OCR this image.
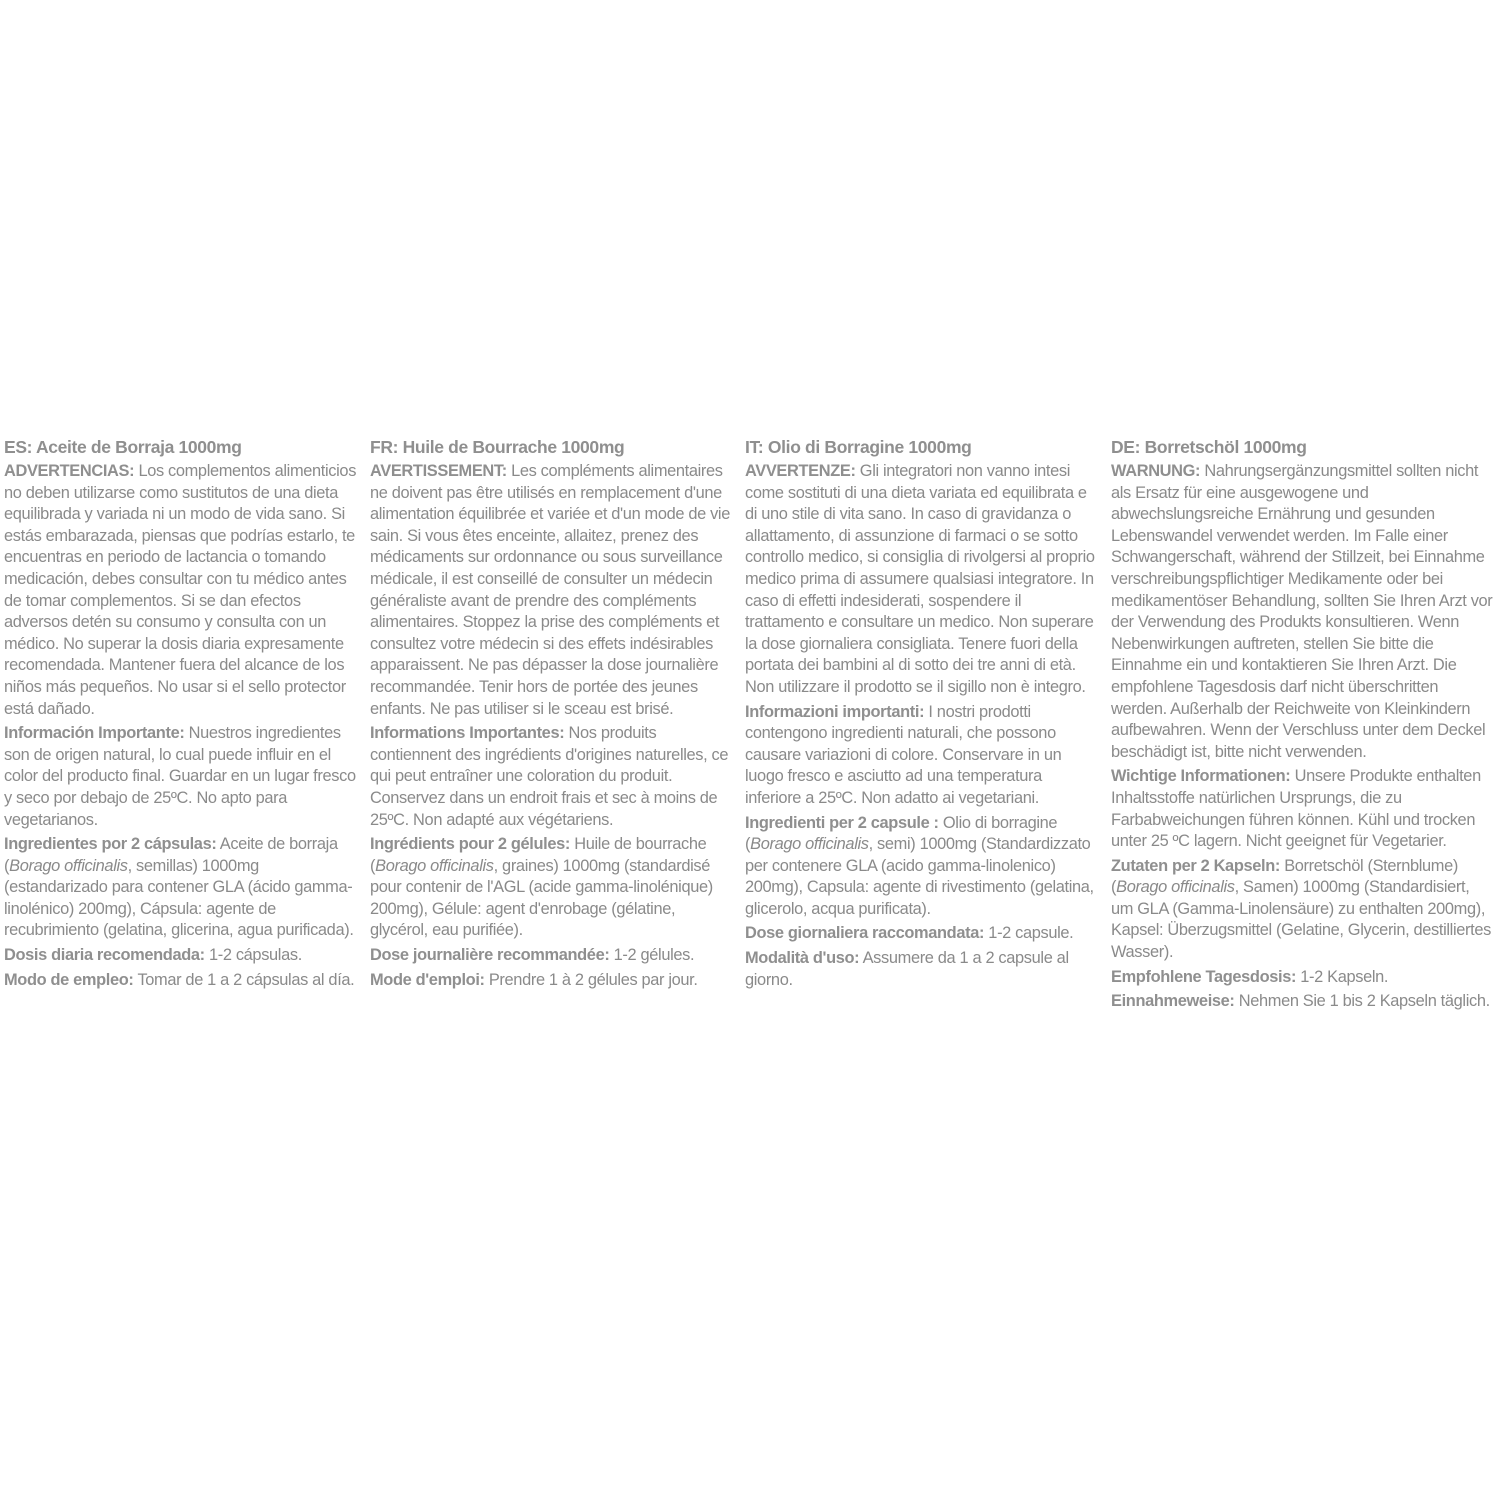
ES: Aceite de Borraja 1000mg
ADVERTENCIAS: Los complementos alimenticios no deben utilizarse como sustitutos de una dieta equilibrada y variada ni un modo de vida sano. Si estás embarazada, piensas que podrías estarlo, te encuentras en periodo de lactancia o tomando medicación, debes consultar con tu médico antes de tomar complementos. Si se dan efectos adversos detén su consumo y consulta con un médico. No superar la dosis diaria expresamente recomendada. Mantener fuera del alcance de los niños más pequeños. No usar si el sello protector está dañado.
Información Importante: Nuestros ingredientes son de origen natural, lo cual puede influir en el color del producto final. Guardar en un lugar fresco y seco por debajo de 25ºC. No apto para vegetarianos.
Ingredientes por 2 cápsulas: Aceite de borraja (Borago officinalis, semillas) 1000mg (estandarizado para contener GLA (ácido gamma-linolénico) 200mg), Cápsula: agente de recubrimiento (gelatina, glicerina, agua purificada).
Dosis diaria recomendada: 1-2 cápsulas.
Modo de empleo: Tomar de 1 a 2 cápsulas al día.
FR: Huile de Bourrache 1000mg
AVERTISSEMENT: Les compléments alimentaires ne doivent pas être utilisés en remplacement d'une alimentation équilibrée et variée et d'un mode de vie sain. Si vous êtes enceinte, allaitez, prenez des médicaments sur ordonnance ou sous surveillance médicale, il est conseillé de consulter un médecin généraliste avant de prendre des compléments alimentaires. Stoppez la prise des compléments et consultez votre médecin si des effets indésirables apparaissent. Ne pas dépasser la dose journalière recommandée. Tenir hors de portée des jeunes enfants. Ne pas utiliser si le sceau est brisé.
Informations Importantes: Nos produits contiennent des ingrédients d'origines naturelles, ce qui peut entraîner une coloration du produit. Conservez dans un endroit frais et sec à moins de 25ºC. Non adapté aux végétariens.
Ingrédients pour 2 gélules: Huile de bourrache (Borago officinalis, graines) 1000mg (standardisé pour contenir de l'AGL (acide gamma-linolénique) 200mg), Gélule: agent d'enrobage (gélatine, glycérol, eau purifiée).
Dose journalière recommandée: 1-2 gélules.
Mode d'emploi: Prendre 1 à 2 gélules par jour.
IT: Olio di Borragine 1000mg
AVVERTENZE: Gli integratori non vanno intesi come sostituti di una dieta variata ed equilibrata e di uno stile di vita sano. In caso di gravidanza o allattamento, di assunzione di farmaci o se sotto controllo medico, si consiglia di rivolgersi al proprio medico prima di assumere qualsiasi integratore. In caso di effetti indesiderati, sospendere il trattamento e consultare un medico. Non superare la dose giornaliera consigliata. Tenere fuori della portata dei bambini al di sotto dei tre anni di età. Non utilizzare il prodotto se il sigillo non è integro.
Informazioni importanti: I nostri prodotti contengono ingredienti naturali, che possono causare variazioni di colore. Conservare in un luogo fresco e asciutto ad una temperatura inferiore a 25ºC. Non adatto ai vegetariani.
Ingredienti per 2 capsule : Olio di borragine (Borago officinalis, semi) 1000mg (Standardizzato per contenere GLA (acido gamma-linolenico) 200mg), Capsula: agente di rivestimento (gelatina, glicerolo, acqua purificata).
Dose giornaliera raccomandata: 1-2 capsule.
Modalità d'uso: Assumere da 1 a 2 capsule al giorno.
DE: Borretschöl 1000mg
WARNUNG: Nahrungsergänzungsmittel sollten nicht als Ersatz für eine ausgewogene und abwechslungsreiche Ernährung und gesunden Lebenswandel verwendet werden. Im Falle einer Schwangerschaft, während der Stillzeit, bei Einnahme verschreibungspflichtiger Medikamente oder bei medikamentöser Behandlung, sollten Sie Ihren Arzt vor der Verwendung des Produkts konsultieren. Wenn Nebenwirkungen auftreten, stellen Sie bitte die Einnahme ein und kontaktieren Sie Ihren Arzt. Die empfohlene Tagesdosis darf nicht überschritten werden. Außerhalb der Reichweite von Kleinkindern aufbewahren. Wenn der Verschluss unter dem Deckel beschädigt ist, bitte nicht verwenden.
Wichtige Informationen: Unsere Produkte enthalten Inhaltsstoffe natürlichen Ursprungs, die zu Farbabweichungen führen können. Kühl und trocken unter 25 ºC lagern. Nicht geeignet für Vegetarier.
Zutaten per 2 Kapseln: Borretschöl (Sternblume) (Borago officinalis, Samen) 1000mg (Standardisiert, um GLA (Gamma-Linolensäure) zu enthalten 200mg), Kapsel: Überzugsmittel (Gelatine, Glycerin, destilliertes Wasser).
Empfohlene Tagesdosis: 1-2 Kapseln.
Einnahmeweise: Nehmen Sie 1 bis 2 Kapseln täglich.
